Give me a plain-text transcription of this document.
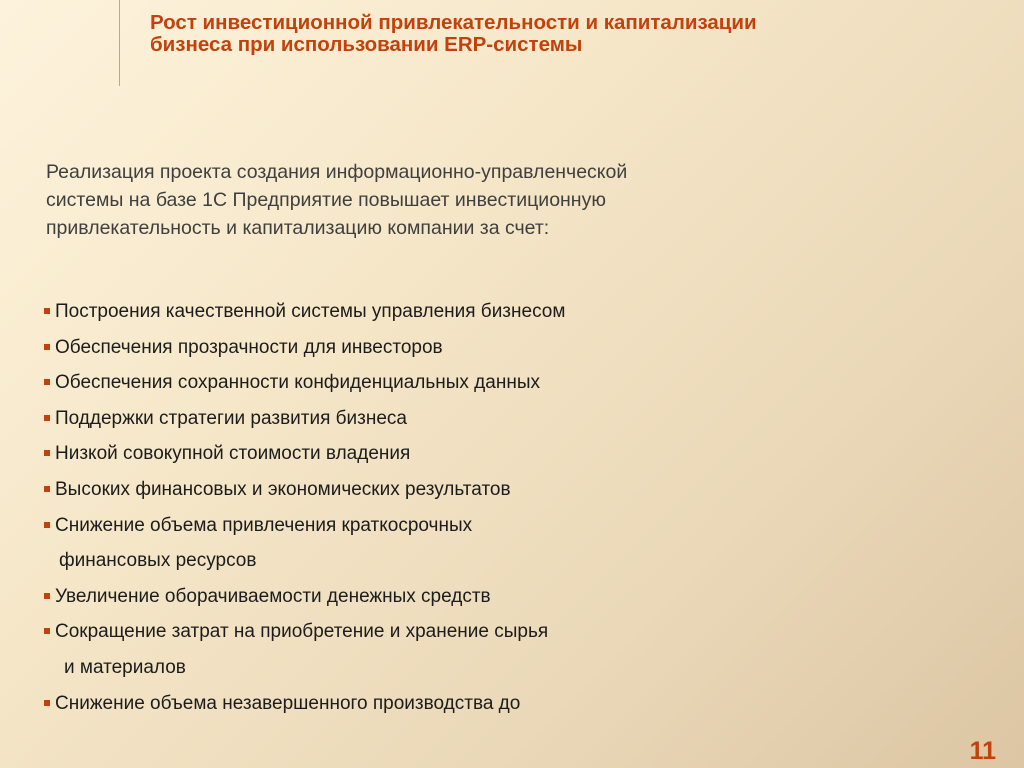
Рост инвестиционной привлекательности и капитализации бизнеса при использовании ERP-системы
Реализация проекта создания информационно-управленческой
системы на базе 1С Предприятие повышает инвестиционную
привлекательность и капитализацию компании за счет:
Построения качественной системы управления бизнесом
Обеспечения прозрачности для инвесторов
Обеспечения сохранности конфиденциальных данных
Поддержки стратегии развития бизнеса
Низкой совокупной стоимости владения
Высоких финансовых и экономических результатов
Снижение объема привлечения краткосрочных
финансовых ресурсов
Увеличение оборачиваемости денежных средств
Сокращение затрат на приобретение и хранение сырья
и материалов
Снижение объема незавершенного производства до
11
